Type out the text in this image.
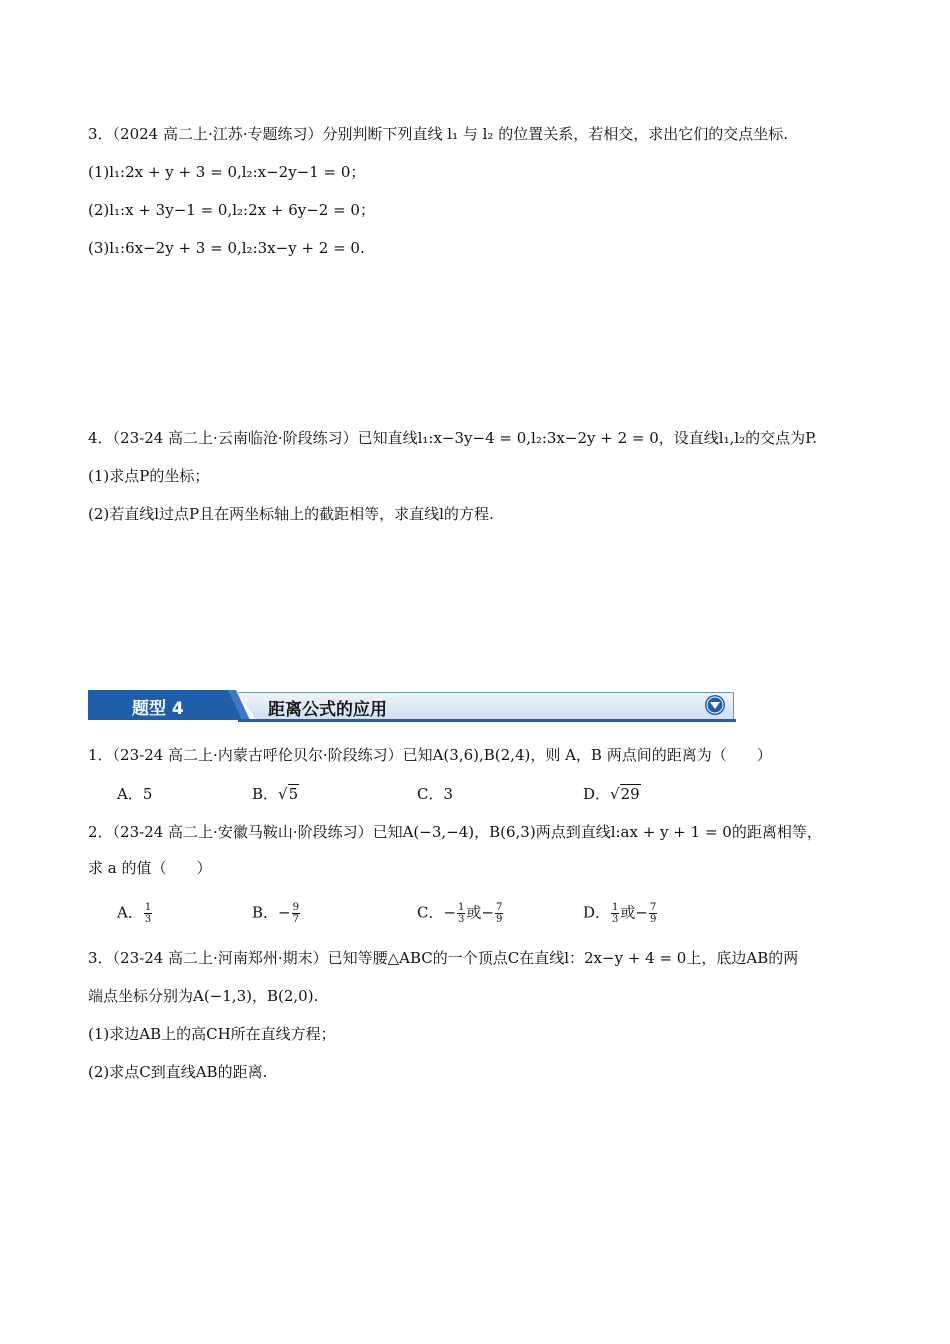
3．（2024 高二上·江苏·专题练习）分别判断下列直线 l₁ 与 l₂ 的位置关系，若相交，求出它们的交点坐标.
(1)l₁:2x + y + 3 = 0,l₂:x−2y−1 = 0；
(2)l₁:x + 3y−1 = 0,l₂:2x + 6y−2 = 0；
(3)l₁:6x−2y + 3 = 0,l₂:3x−y + 2 = 0.
4．（23-24 高二上·云南临沧·阶段练习）已知直线l₁:x−3y−4 = 0,l₂:3x−2y + 2 = 0，设直线l₁,l₂的交点为P.
(1)求点P的坐标；
(2)若直线l过点P且在两坐标轴上的截距相等，求直线l的方程.
题型 4	距离公式的应用
1．（23-24 高二上·内蒙古呼伦贝尔·阶段练习）已知A(3,6),B(2,4)，则 A，B 两点间的距离为（　　）
A．5	B．√5	C．3	D．√29
2．（23-24 高二上·安徽马鞍山·阶段练习）已知A(−3,−4)，B(6,3)两点到直线l:ax + y + 1 = 0的距离相等，
求 a 的值（　　）
A． $\frac{1}{3}$	B．− $\frac{9}{7}$	C．− $\frac{1}{3}$ 或− $\frac{7}{9}$	D． $\frac{1}{3}$ 或− $\frac{7}{9}$
3．（23-24 高二上·河南郑州·期末）已知等腰△ABC的一个顶点C在直线l：2x−y + 4 = 0上，底边AB的两
端点坐标分别为A(−1,3)，B(2,0).
(1)求边AB上的高CH所在直线方程；
(2)求点C到直线AB的距离.
